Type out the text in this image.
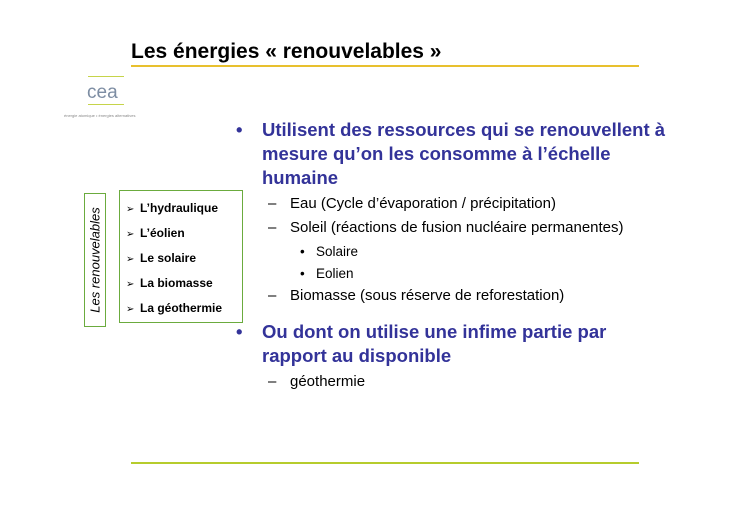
Les énergies « renouvelables »
cea
énergie atomique • énergies alternatives
Les renouvelables ➢ L’hydraulique
➢ L’éolien
➢ Le solaire
➢ La biomasse
➢ La géothermie
• Utilisent des ressources qui se renouvellent à mesure qu’on les consomme à l’échelle humaine
– Eau (Cycle d’évaporation / précipitation)
– Soleil (réactions de fusion nucléaire permanentes)
• Solaire
• Eolien
– Biomasse (sous réserve de reforestation)
• Ou dont on utilise une infime partie par rapport au disponible
– géothermie
